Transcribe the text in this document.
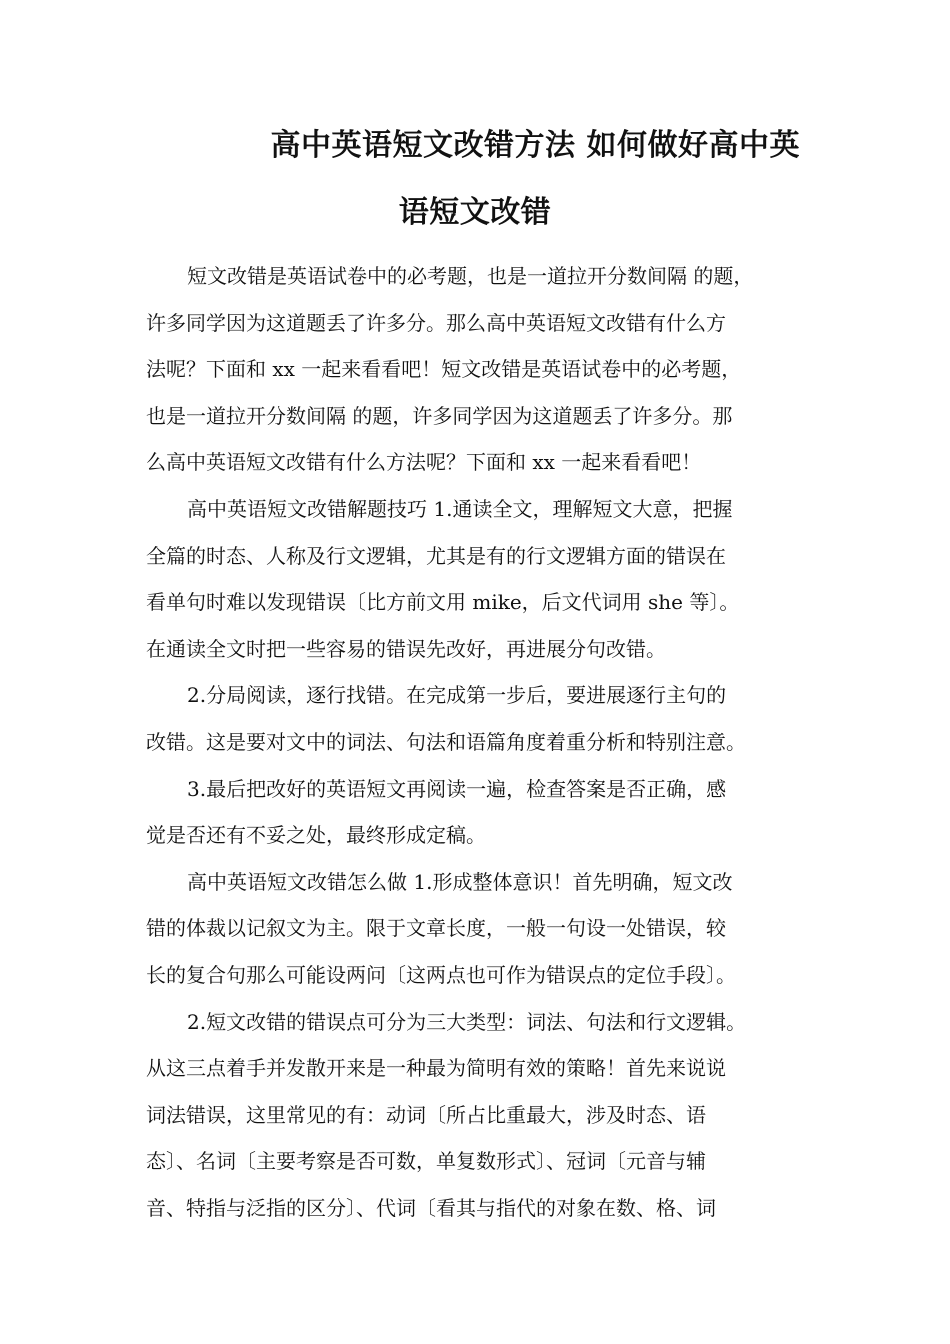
高中英语短文改错方法 如何做好高中英
语短文改错
短文改错是英语试卷中的必考题，也是一道拉开分数间隔 的题，
许多同学因为这道题丢了许多分。那么高中英语短文改错有什么方
法呢？下面和 xx 一起来看看吧！短文改错是英语试卷中的必考题，
也是一道拉开分数间隔 的题，许多同学因为这道题丢了许多分。那
么高中英语短文改错有什么方法呢？下面和 xx 一起来看看吧！
高中英语短文改错解题技巧 1.通读全文，理解短文大意，把握
全篇的时态、人称及行文逻辑，尤其是有的行文逻辑方面的错误在
看单句时难以发现错误〔比方前文用 mike，后文代词用 she 等〕。
在通读全文时把一些容易的错误先改好，再进展分句改错。
2.分局阅读，逐行找错。在完成第一步后，要进展逐行主句的
改错。这是要对文中的词法、句法和语篇角度着重分析和特别注意。
3.最后把改好的英语短文再阅读一遍，检查答案是否正确，感
觉是否还有不妥之处，最终形成定稿。
高中英语短文改错怎么做 1.形成整体意识！首先明确，短文改
错的体裁以记叙文为主。限于文章长度，一般一句设一处错误，较
长的复合句那么可能设两问〔这两点也可作为错误点的定位手段〕。
2.短文改错的错误点可分为三大类型：词法、句法和行文逻辑。
从这三点着手并发散开来是一种最为简明有效的策略！首先来说说
词法错误，这里常见的有：动词〔所占比重最大，涉及时态、语
态〕、名词〔主要考察是否可数，单复数形式〕、冠词〔元音与辅
音、特指与泛指的区分〕、代词〔看其与指代的对象在数、格、词
